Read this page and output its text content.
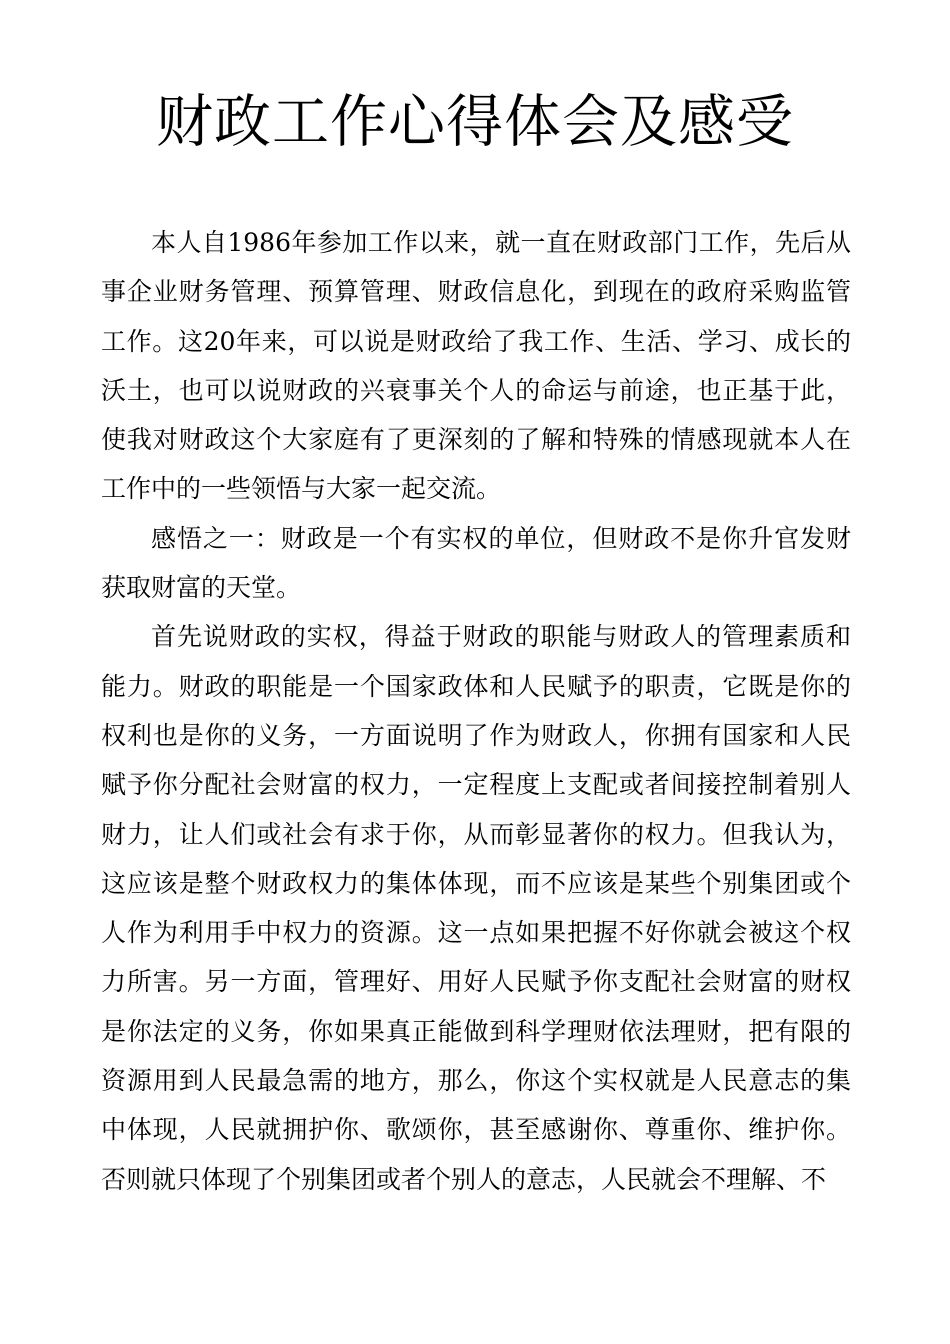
财政工作心得体会及感受

本人自1986年参加工作以来，就一直在财政部门工作，先后从事企业财务管理、预算管理、财政信息化，到现在的政府采购监管工作。这20年来，可以说是财政给了我工作、生活、学习、成长的沃土，也可以说财政的兴衰事关个人的命运与前途，也正基于此，使我对财政这个大家庭有了更深刻的了解和特殊的情感现就本人在工作中的一些领悟与大家一起交流。

感悟之一：财政是一个有实权的单位，但财政不是你升官发财获取财富的天堂。

首先说财政的实权，得益于财政的职能与财政人的管理素质和能力。财政的职能是一个国家政体和人民赋予的职责，它既是你的权利也是你的义务，一方面说明了作为财政人，你拥有国家和人民赋予你分配社会财富的权力，一定程度上支配或者间接控制着别人财力，让人们或社会有求于你，从而彰显著你的权力。但我认为，这应该是整个财政权力的集体体现，而不应该是某些个别集团或个人作为利用手中权力的资源。这一点如果把握不好你就会被这个权力所害。另一方面，管理好、用好人民赋予你支配社会财富的财权是你法定的义务，你如果真正能做到科学理财依法理财，把有限的资源用到人民最急需的地方，那么，你这个实权就是人民意志的集中体现，人民就拥护你、歌颂你，甚至感谢你、尊重你、维护你。否则就只体现了个别集团或者个别人的意志，人民就会不理解、不
